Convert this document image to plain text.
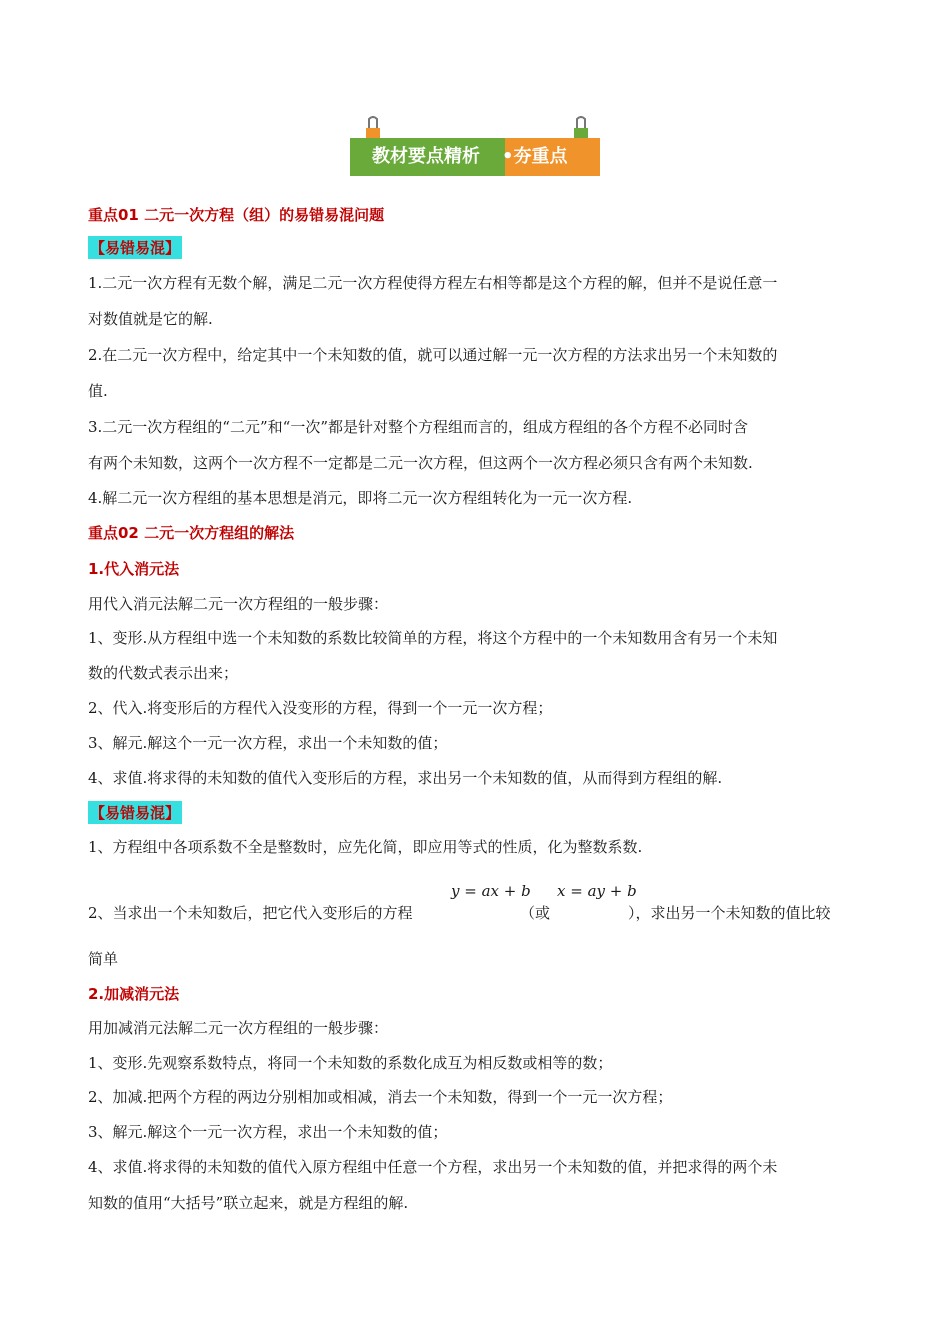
教材要点精析 •夯重点
重点01 二元一次方程（组）的易错易混问题
【易错易混】
1.二元一次方程有无数个解，满足二元一次方程使得方程左右相等都是这个方程的解，但并不是说任意一
对数值就是它的解.
2.在二元一次方程中，给定其中一个未知数的值，就可以通过解一元一次方程的方法求出另一个未知数的
值.
3.二元一次方程组的“二元”和“一次”都是针对整个方程组而言的，组成方程组的各个方程不必同时含
有两个未知数，这两个一次方程不一定都是二元一次方程，但这两个一次方程必须只含有两个未知数.
4.解二元一次方程组的基本思想是消元，即将二元一次方程组转化为一元一次方程.
重点02 二元一次方程组的解法
1.代入消元法
用代入消元法解二元一次方程组的一般步骤：
1、变形.从方程组中选一个未知数的系数比较简单的方程，将这个方程中的一个未知数用含有另一个未知
数的代数式表示出来；
2、代入.将变形后的方程代入没变形的方程，得到一个一元一次方程；
3、解元.解这个一元一次方程，求出一个未知数的值；
4、求值.将求得的未知数的值代入变形后的方程，求出另一个未知数的值，从而得到方程组的解.
【易错易混】
1、方程组中各项系数不全是整数时，应先化简，即应用等式的性质，化为整数系数.
y = ax + b x = ay + b
2、当求出一个未知数后，把它代入变形后的方程	（或	），求出另一个未知数的值比较
简单
2.加减消元法
用加减消元法解二元一次方程组的一般步骤：
1、变形.先观察系数特点，将同一个未知数的系数化成互为相反数或相等的数；
2、加减.把两个方程的两边分别相加或相减，消去一个未知数，得到一个一元一次方程；
3、解元.解这个一元一次方程，求出一个未知数的值；
4、求值.将求得的未知数的值代入原方程组中任意一个方程，求出另一个未知数的值，并把求得的两个未
知数的值用“大括号”联立起来，就是方程组的解.
